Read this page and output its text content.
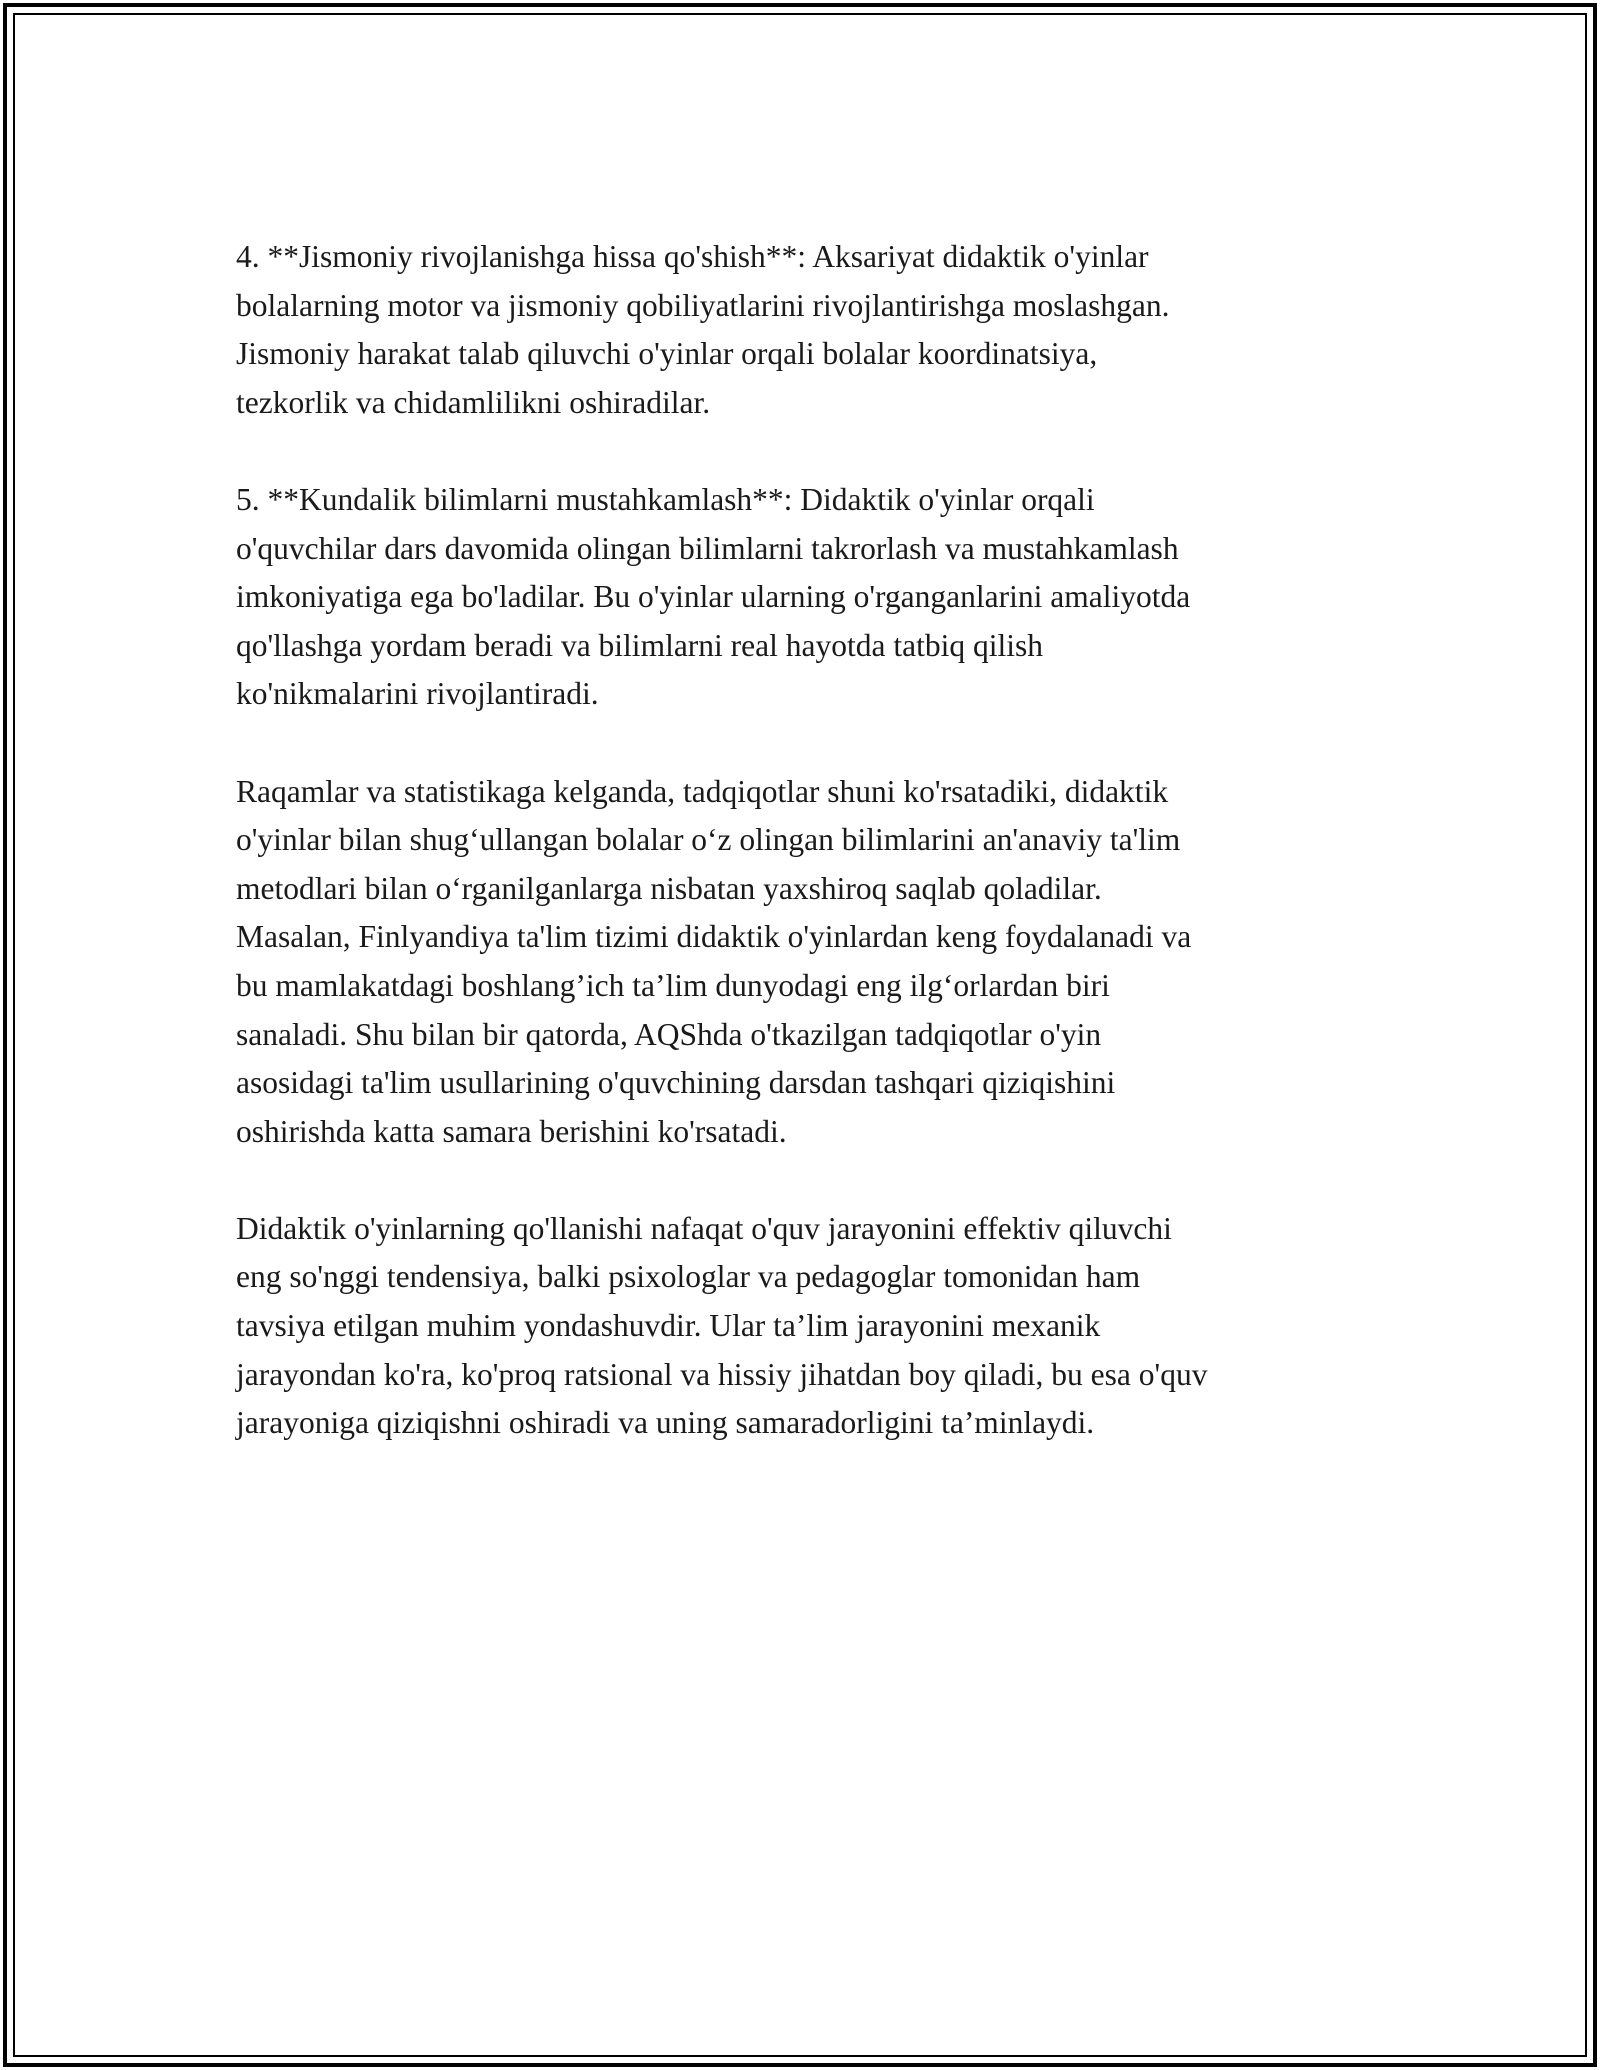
4. **Jismoniy rivojlanishga hissa qo'shish**: Aksariyat didaktik o'yinlar
bolalarning motor va jismoniy qobiliyatlarini rivojlantirishga moslashgan.
Jismoniy harakat talab qiluvchi o'yinlar orqali bolalar koordinatsiya,
tezkorlik va chidamlilikni oshiradilar.

5. **Kundalik bilimlarni mustahkamlash**: Didaktik o'yinlar orqali
o'quvchilar dars davomida olingan bilimlarni takrorlash va mustahkamlash
imkoniyatiga ega bo'ladilar. Bu o'yinlar ularning o'rganganlarini amaliyotda
qo'llashga yordam beradi va bilimlarni real hayotda tatbiq qilish
ko'nikmalarini rivojlantiradi.

Raqamlar va statistikaga kelganda, tadqiqotlar shuni ko'rsatadiki, didaktik
o'yinlar bilan shug‘ullangan bolalar o‘z olingan bilimlarini an'anaviy ta'lim
metodlari bilan o‘rganilganlarga nisbatan yaxshiroq saqlab qoladilar.
Masalan, Finlyandiya ta'lim tizimi didaktik o'yinlardan keng foydalanadi va
bu mamlakatdagi boshlang’ich ta’lim dunyodagi eng ilg‘orlardan biri
sanaladi. Shu bilan bir qatorda, AQShda o'tkazilgan tadqiqotlar o'yin
asosidagi ta'lim usullarining o'quvchining darsdan tashqari qiziqishini
oshirishda katta samara berishini ko'rsatadi.

Didaktik o'yinlarning qo'llanishi nafaqat o'quv jarayonini effektiv qiluvchi
eng so'nggi tendensiya, balki psixologlar va pedagoglar tomonidan ham
tavsiya etilgan muhim yondashuvdir. Ular ta’lim jarayonini mexanik
jarayondan ko'ra, ko'proq ratsional va hissiy jihatdan boy qiladi, bu esa o'quv
jarayoniga qiziqishni oshiradi va uning samaradorligini ta’minlaydi.
